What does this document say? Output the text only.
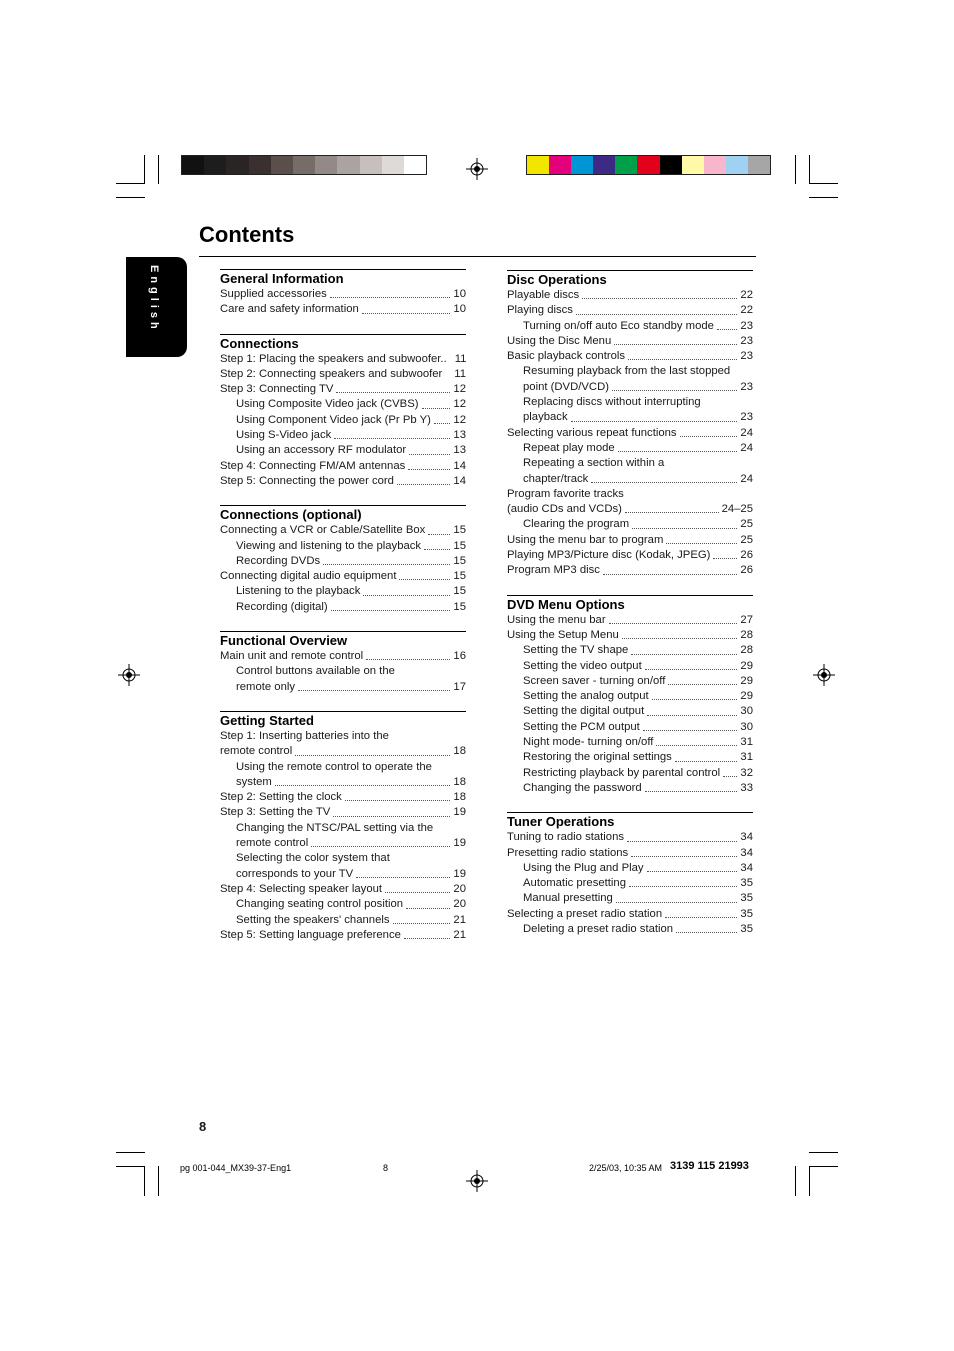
English
Contents
General Information
Supplied accessories	10
Care and safety information	10
Connections
Step 1: Placing the speakers and subwoofer.. 11
Step 2: Connecting speakers and subwoofer 11
Step 3: Connecting TV	12
Using Composite Video jack (CVBS)	12
Using Component Video jack (Pr Pb Y) 12
Using S-Video jack	13
Using an accessory RF modulator	13
Step 4: Connecting FM/AM antennas	14
Step 5: Connecting the power cord	14
Connections (optional)
Connecting a VCR or Cable/Satellite Box 15
Viewing and listening to the playback	15
Recording DVDs	15
Connecting digital audio equipment	15
Listening to the playback	15
Recording (digital)	15
Functional Overview
Main unit and remote control	16
Control buttons available on the
remote only	17
Getting Started
Step 1: Inserting batteries into the
remote control	18
Using the remote control to operate the
system	18
Step 2: Setting the clock	18
Step 3: Setting the TV	19
Changing the NTSC/PAL setting via the
remote control	19
Selecting the color system that
corresponds to your TV	19
Step 4: Selecting speaker layout	20
Changing seating control position	20
Setting the speakers' channels	21
Step 5: Setting language preference	21
Disc Operations
Playable discs	22
Playing discs	22
Turning on/off auto Eco standby mode 23
Using the Disc Menu	23
Basic playback controls	23
Resuming playback from the last stopped
point (DVD/VCD)	23
Replacing discs without interrupting
playback	23
Selecting various repeat functions	24
Repeat play mode	24
Repeating a section within a
chapter/track	24
Program favorite tracks
(audio CDs and VCDs)	24–25
Clearing the program	25
Using the menu bar to program	25
Playing MP3/Picture disc (Kodak, JPEG)	26
Program MP3 disc	26
DVD Menu Options
Using the menu bar	27
Using the Setup Menu	28
Setting the TV shape	28
Setting the video output	29
Screen saver - turning on/off	29
Setting the analog output	29
Setting the digital output	30
Setting the PCM output	30
Night mode- turning on/off	31
Restoring the original settings	31
Restricting playback by parental control 32
Changing the password	33
Tuner Operations
Tuning to radio stations	34
Presetting radio stations	34
Using the Plug and Play	34
Automatic presetting	35
Manual presetting	35
Selecting a preset radio station	35
Deleting a preset radio station	35
8
pg 001-044_MX39-37-Eng1	8	2/25/03, 10:35 AM 3139 115 21993
